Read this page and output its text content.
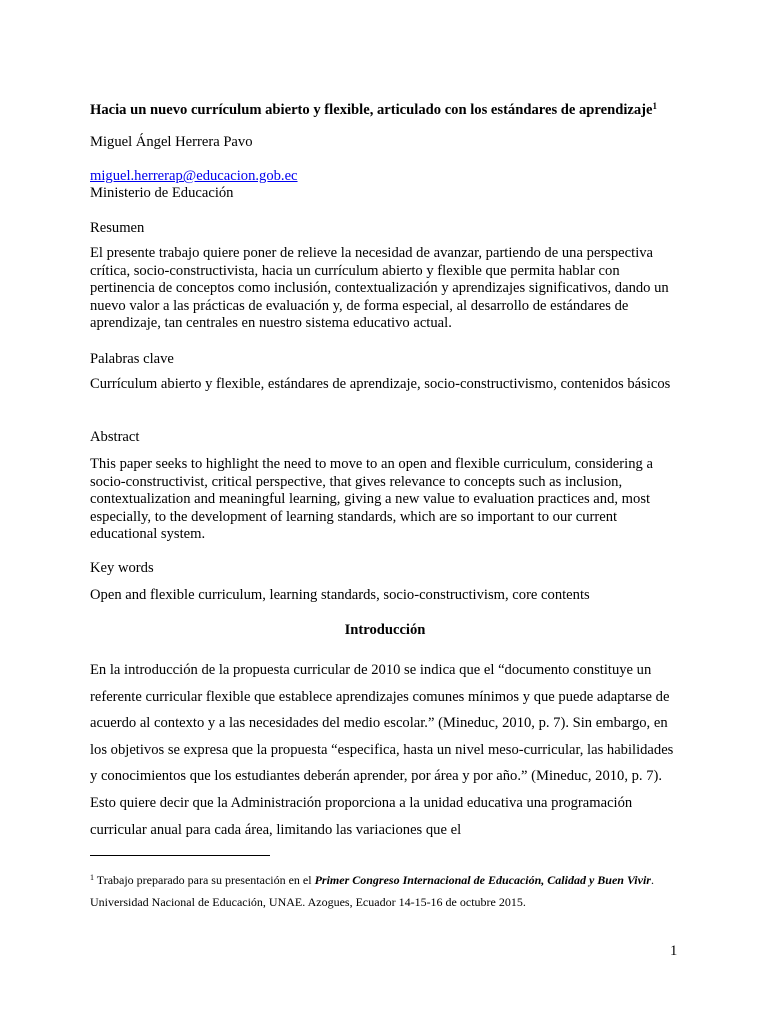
Hacia un nuevo currículum abierto y flexible, articulado con los estándares de aprendizaje$^1$
Miguel Ángel Herrera Pavo
miguel.herrerap@educacion.gob.ec
Ministerio de Educación
Resumen
El presente trabajo quiere poner de relieve la necesidad de avanzar, partiendo de una perspectiva crítica, socio-constructivista, hacia un currículum abierto y flexible que permita hablar con pertinencia de conceptos como inclusión, contextualización y aprendizajes significativos, dando un nuevo valor a las prácticas de evaluación y, de forma especial, al desarrollo de estándares de aprendizaje, tan centrales en nuestro sistema educativo actual.
Palabras clave
Currículum abierto y flexible, estándares de aprendizaje, socio-constructivismo, contenidos básicos
Abstract
This paper seeks to highlight the need to move to an open and flexible curriculum, considering a socio-constructivist, critical perspective, that gives relevance to concepts such as inclusion, contextualization and meaningful learning, giving a new value to evaluation practices and, most especially, to the development of learning standards, which are so important to our current educational system.
Key words
Open and flexible curriculum, learning standards, socio-constructivism, core contents
Introducción
En la introducción de la propuesta curricular de 2010 se indica que el “documento constituye un referente curricular flexible que establece aprendizajes comunes mínimos y que puede adaptarse de acuerdo al contexto y a las necesidades del medio escolar.” (Mineduc, 2010, p. 7). Sin embargo, en los objetivos se expresa que la propuesta “especifica, hasta un nivel meso-curricular, las habilidades y conocimientos que los estudiantes deberán aprender, por área y por año.” (Mineduc, 2010, p. 7). Esto quiere decir que la Administración proporciona a la unidad educativa una programación curricular anual para cada área, limitando las variaciones que el
$^1$ Trabajo preparado para su presentación en el Primer Congreso Internacional de Educación, Calidad y Buen Vivir. Universidad Nacional de Educación, UNAE. Azogues, Ecuador 14-15-16 de octubre 2015.
1
